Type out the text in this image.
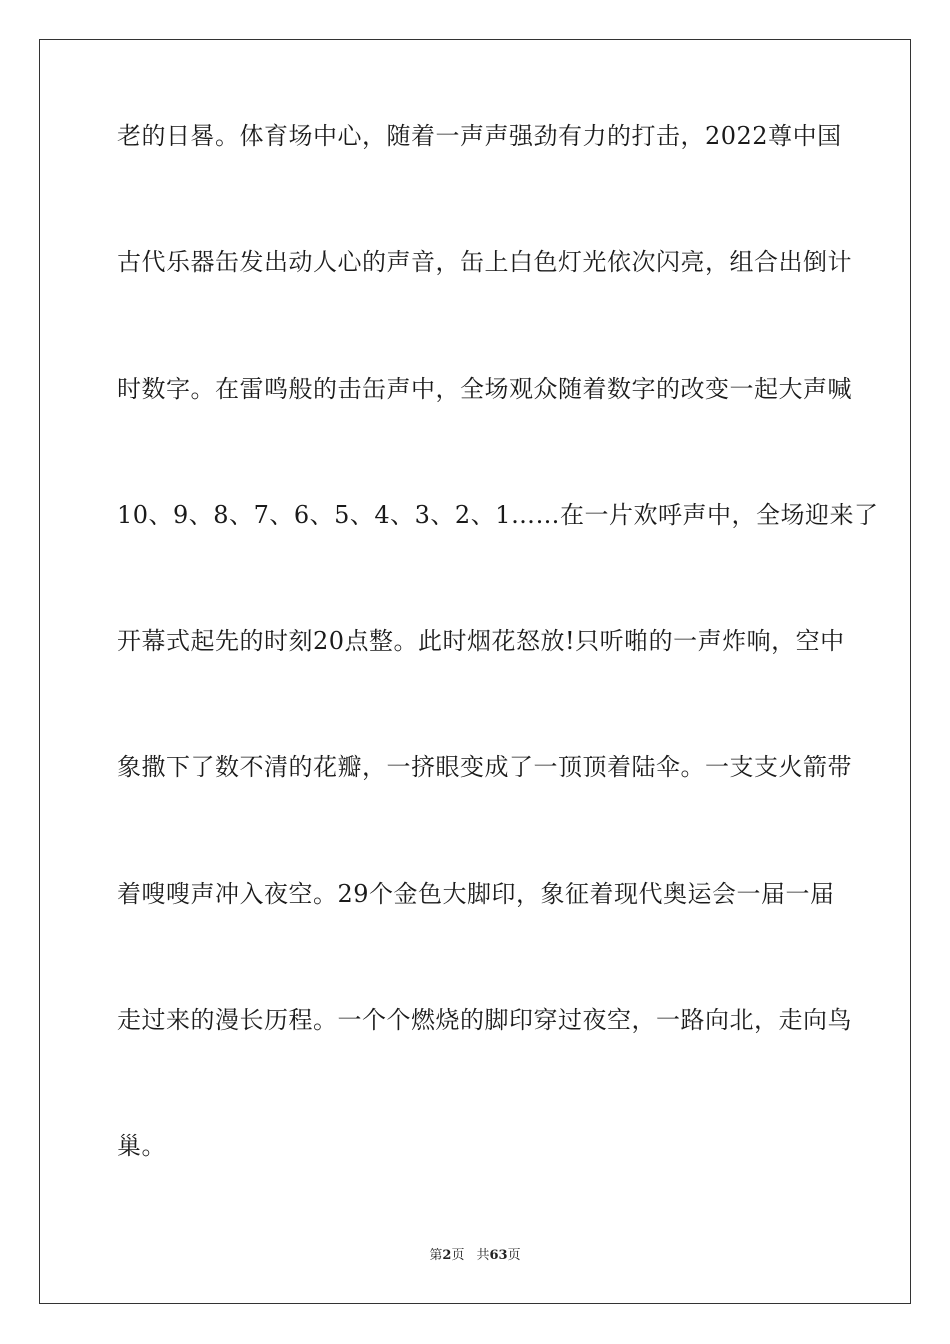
老的日晷。体育场中心，随着一声声强劲有力的打击，2022尊中国
古代乐器缶发出动人心的声音，缶上白色灯光依次闪亮，组合出倒计
时数字。在雷鸣般的击缶声中，全场观众随着数字的改变一起大声喊
10、9、8、7、6、5、4、3、2、1……在一片欢呼声中，全场迎来了
开幕式起先的时刻20点整。此时烟花怒放!只听啪的一声炸响，空中
象撒下了数不清的花瓣，一挤眼变成了一顶顶着陆伞。一支支火箭带
着嗖嗖声冲入夜空。29个金色大脚印，象征着现代奥运会一届一届
走过来的漫长历程。一个个燃烧的脚印穿过夜空，一路向北，走向鸟
巢。
第2页 共63页
